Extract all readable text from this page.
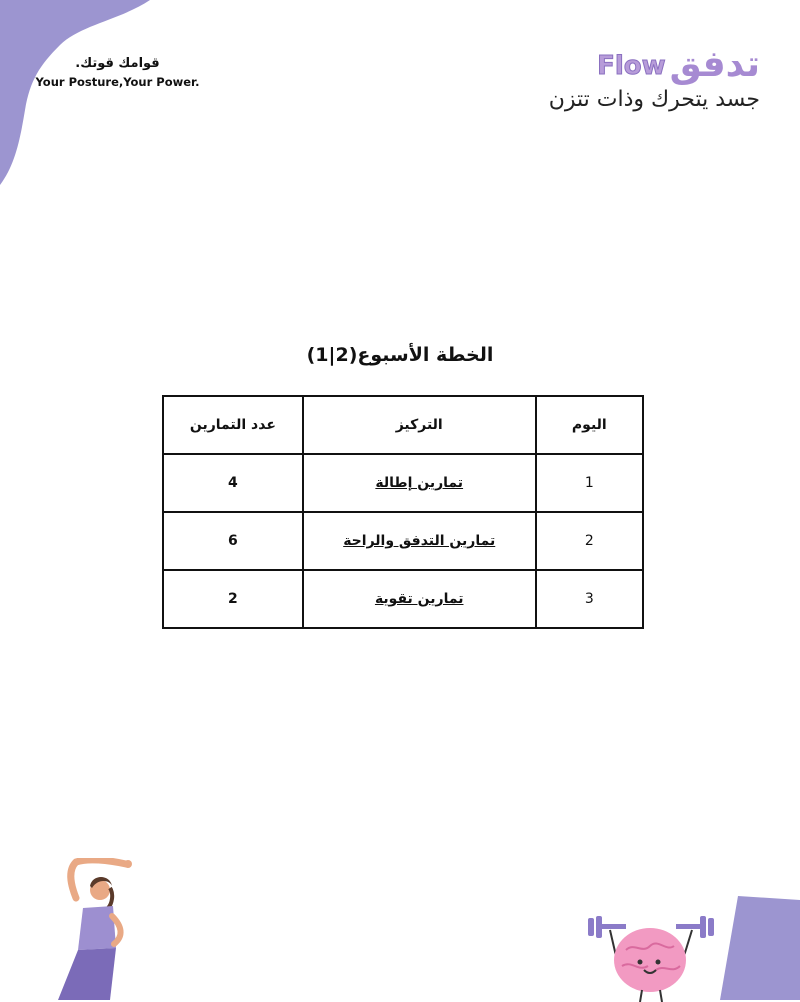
قوامك قوتك.
Your Posture,Your Power.
Flow تدفق
جسد يتحرك وذات تتزن
الخطة الأسبوع(2|1)
اليوم	التركيز	عدد التمارين
1	تمارين إطالة	4
2	تمارين التدفق والراحة	6
3	تمارين تقوية	2
